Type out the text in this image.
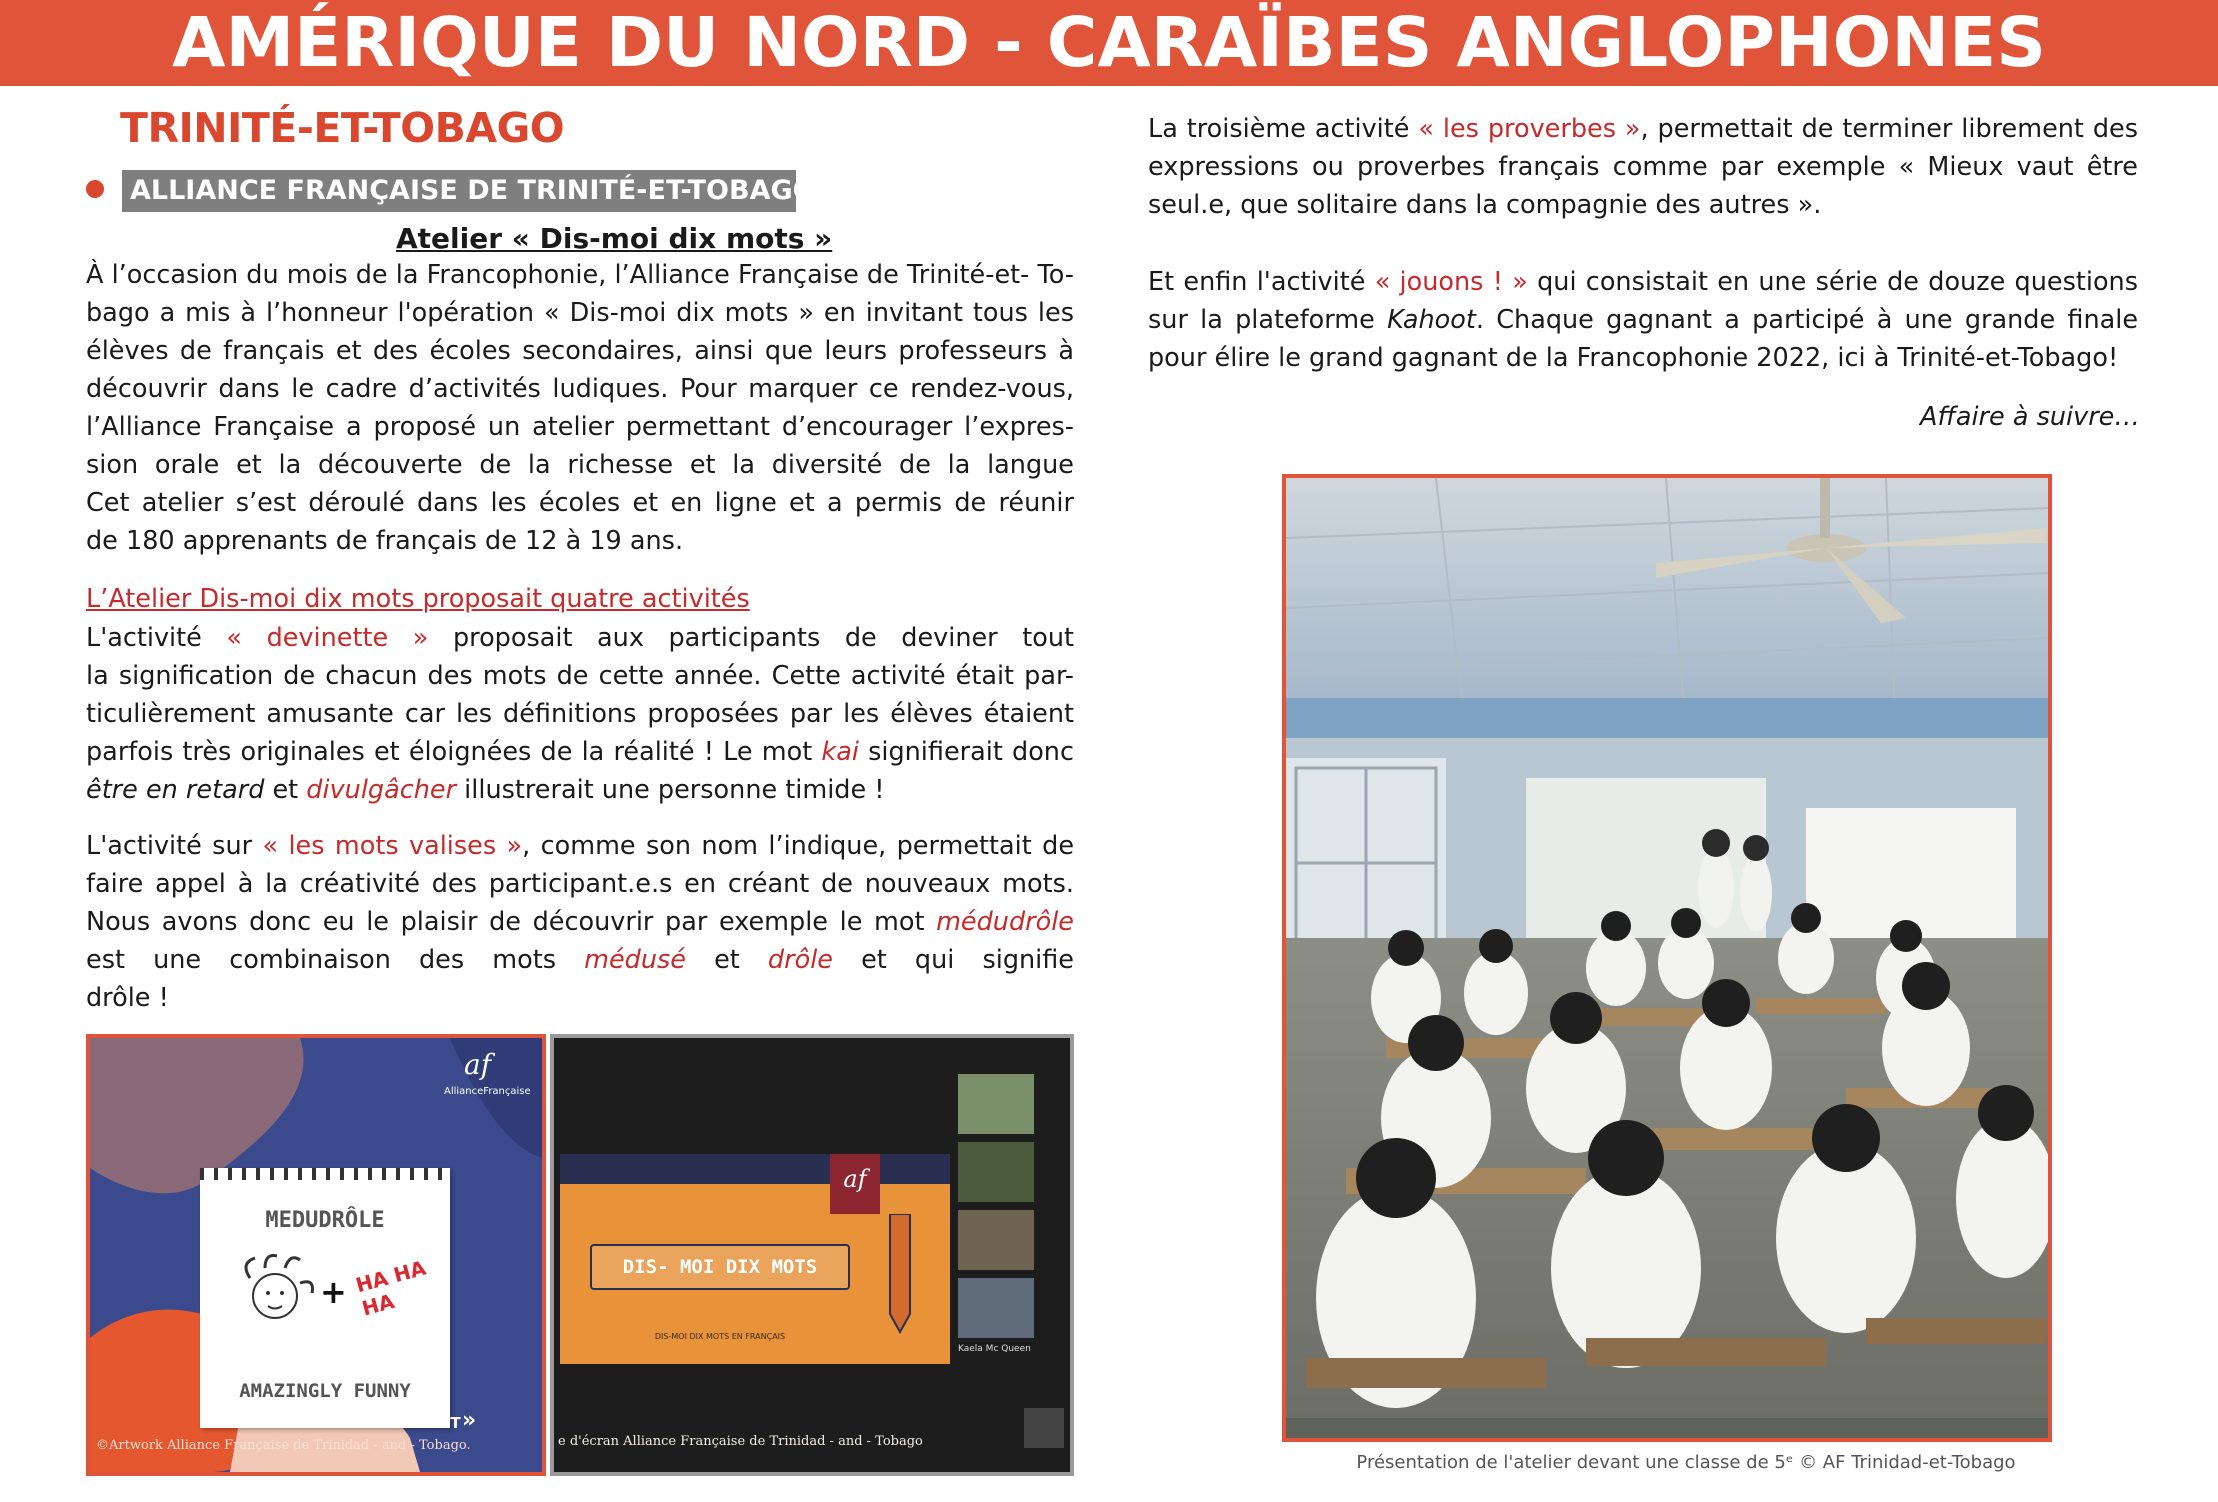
AMÉRIQUE DU NORD - CARAÏBES ANGLOPHONES
TRINITÉ-ET-TOBAGO
ALLIANCE FRANÇAISE DE TRINITÉ-ET-TOBAGO
Atelier « Dis-moi dix mots »
À l’occasion du mois de la Francophonie, l’Alliance Française de Trinité-et- To-
bago a mis à l’honneur l'opération « Dis-moi dix mots » en invitant tous les
élèves de français et des écoles secondaires, ainsi que leurs professeurs à
découvrir dans le cadre d’activités ludiques. Pour marquer ce rendez-vous,
l’Alliance Française a proposé un atelier permettant d’encourager l’expres-
sion orale et la découverte de la richesse et la diversité de la langue
Cet atelier s’est déroulé dans les écoles et en ligne et a permis de réunir
de 180 apprenants de français de 12 à 19 ans.
L’Atelier Dis-moi dix mots proposait quatre activités
L'activité « devinette » proposait aux participants de deviner tout
la signification de chacun des mots de cette année. Cette activité était par-
ticulièrement amusante car les définitions proposées par les élèves étaient
parfois très originales et éloignées de la réalité ! Le mot kai signifierait donc
être en retard et divulgâcher illustrerait une personne timide !
L'activité sur « les mots valises », comme son nom l’indique, permettait de
faire appel à la créativité des participant.e.s en créant de nouveaux mots.
Nous avons donc eu le plaisir de découvrir par exemple le mot médudrôle
est une combinaison des mots médusé et drôle et qui signifie
drôle !
La troisième activité « les proverbes », permettait de terminer librement des
expressions ou proverbes français comme par exemple « Mieux vaut être
seul.e, que solitaire dans la compagnie des autres ».
Et enfin l'activité « jouons ! » qui consistait en une série de douze questions
sur la plateforme Kahoot. Chaque gagnant a participé à une grande finale
pour élire le grand gagnant de la Francophonie 2022, ici à Trinité-et-Tobago!
Affaire à suivre…
Présentation de l'atelier devant une classe de 5ᵉ © AF Trinidad-et-Tobago
af
AllianceFrançaise
MEDUDRÔLE
+ HA HA HA
AMAZINGLY FUNNY
NEXT »
©Artwork Alliance Française de Trinidad - and - Tobago.
af
DIS- MOI DIX MOTS
DIS-MOI DIX MOTS EN FRANÇAIS
Kaela Mc Queen
e d'écran Alliance Française de Trinidad - and - Tobago
